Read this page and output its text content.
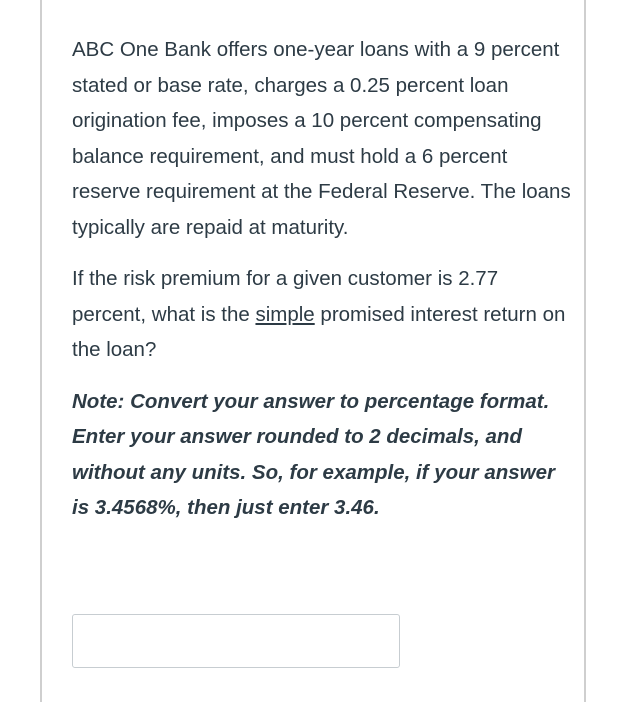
ABC One Bank offers one-year loans with a 9 percent stated or base rate, charges a 0.25 percent loan origination fee, imposes a 10 percent compensating balance requirement, and must hold a 6 percent reserve requirement at the Federal Reserve. The loans typically are repaid at maturity.

If the risk premium for a given customer is 2.77 percent, what is the simple promised interest return on the loan?

Note: Convert your answer to percentage format. Enter your answer rounded to 2 decimals, and without any units. So, for example, if your answer is 3.4568%, then just enter 3.46.
